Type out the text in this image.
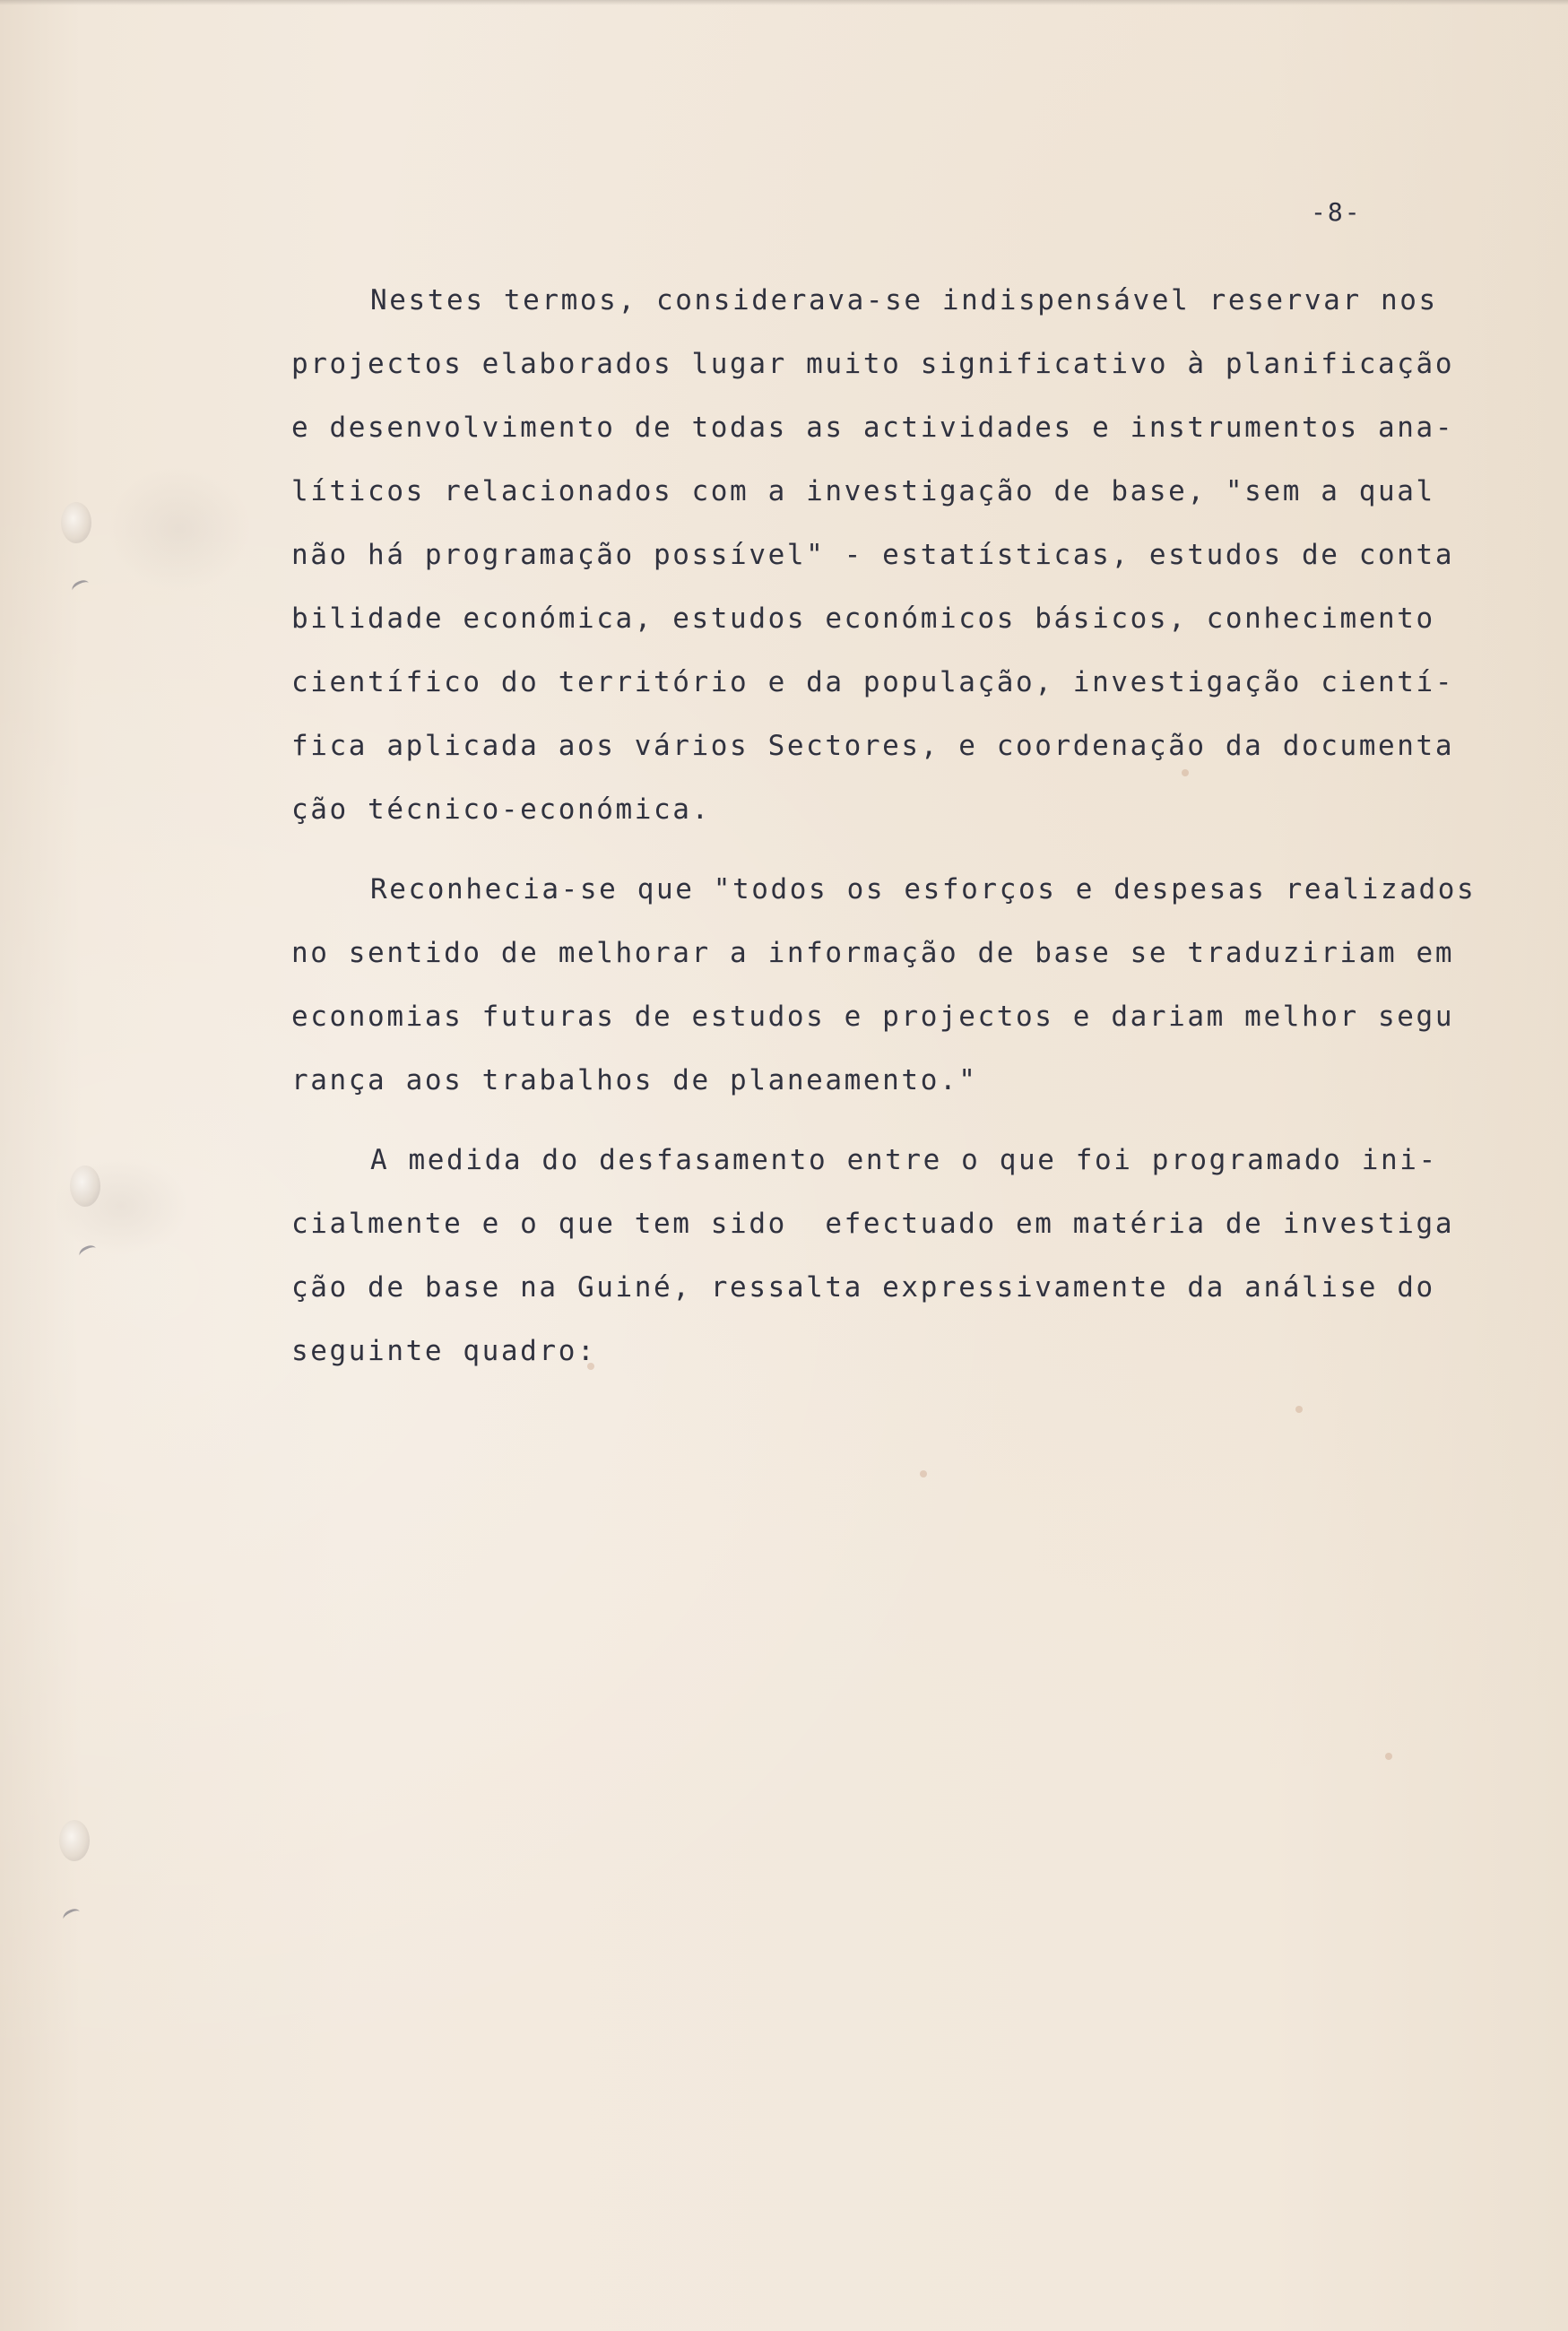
-8-
Nestes termos, considerava-se indispensável reservar nos
projectos elaborados lugar muito significativo à planificação
e desenvolvimento de todas as actividades e instrumentos ana-
líticos relacionados com a investigação de base, "sem a qual
não há programação possível" - estatísticas, estudos de conta
bilidade económica, estudos económicos básicos, conhecimento
científico do território e da população, investigação cientí-
fica aplicada aos vários Sectores, e coordenação da documenta
ção técnico-económica.
Reconhecia-se que "todos os esforços e despesas realizados
no sentido de melhorar a informação de base se traduziriam em
economias futuras de estudos e projectos e dariam melhor segu
rança aos trabalhos de planeamento."
A medida do desfasamento entre o que foi programado ini-
cialmente e o que tem sido  efectuado em matéria de investiga
ção de base na Guiné, ressalta expressivamente da análise do
seguinte quadro:
